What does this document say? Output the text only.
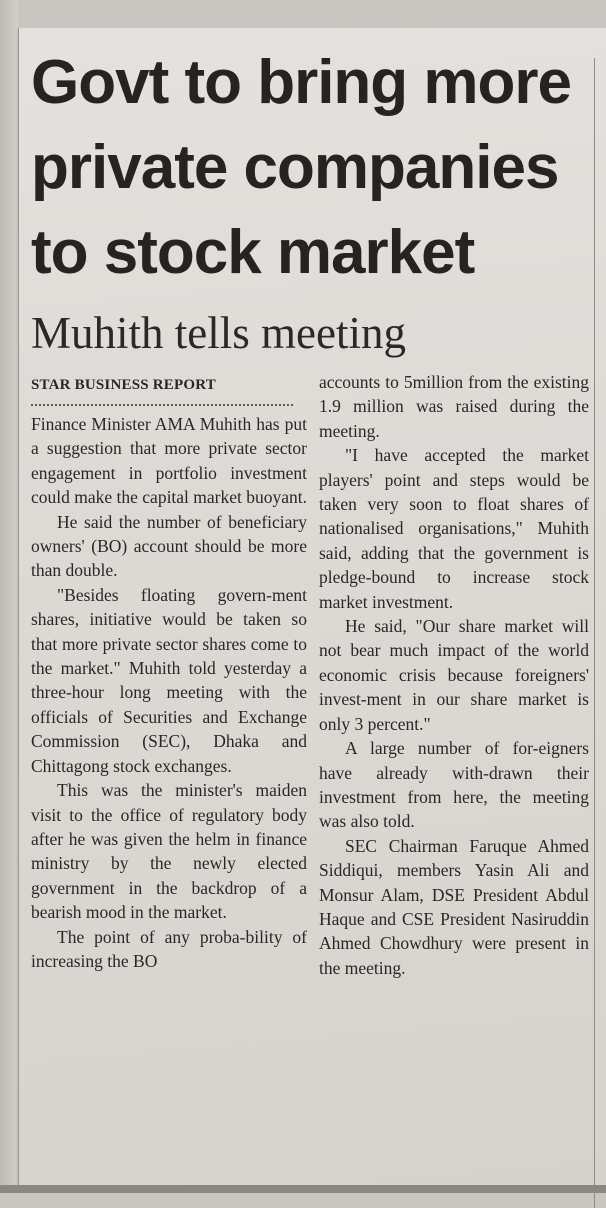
Govt to bring more private companies to stock market
Muhith tells meeting
STAR BUSINESS REPORT

Finance Minister AMA Muhith has put a suggestion that more private sector engagement in portfolio investment could make the capital market buoyant.

He said the number of beneficiary owners' (BO) account should be more than double.

"Besides floating govern-ment shares, initiative would be taken so that more private sector shares come to the market." Muhith told yesterday a three-hour long meeting with the officials of Securities and Exchange Commission (SEC), Dhaka and Chittagong stock exchanges.

This was the minister's maiden visit to the office of regulatory body after he was given the helm in finance ministry by the newly elected government in the backdrop of a bearish mood in the market.

The point of any proba-bility of increasing the BO

accounts to 5million from the existing 1.9 million was raised during the meeting.

"I have accepted the market players' point and steps would be taken very soon to float shares of nationalised organisations," Muhith said, adding that the government is pledge-bound to increase stock market investment.

He said, "Our share market will not bear much impact of the world economic crisis because foreigners' invest-ment in our share market is only 3 percent."

A large number of for-eigners have already with-drawn their investment from here, the meeting was also told.

SEC Chairman Faruque Ahmed Siddiqui, members Yasin Ali and Monsur Alam, DSE President Abdul Haque and CSE President Nasiruddin Ahmed Chowdhury were present in the meeting.
